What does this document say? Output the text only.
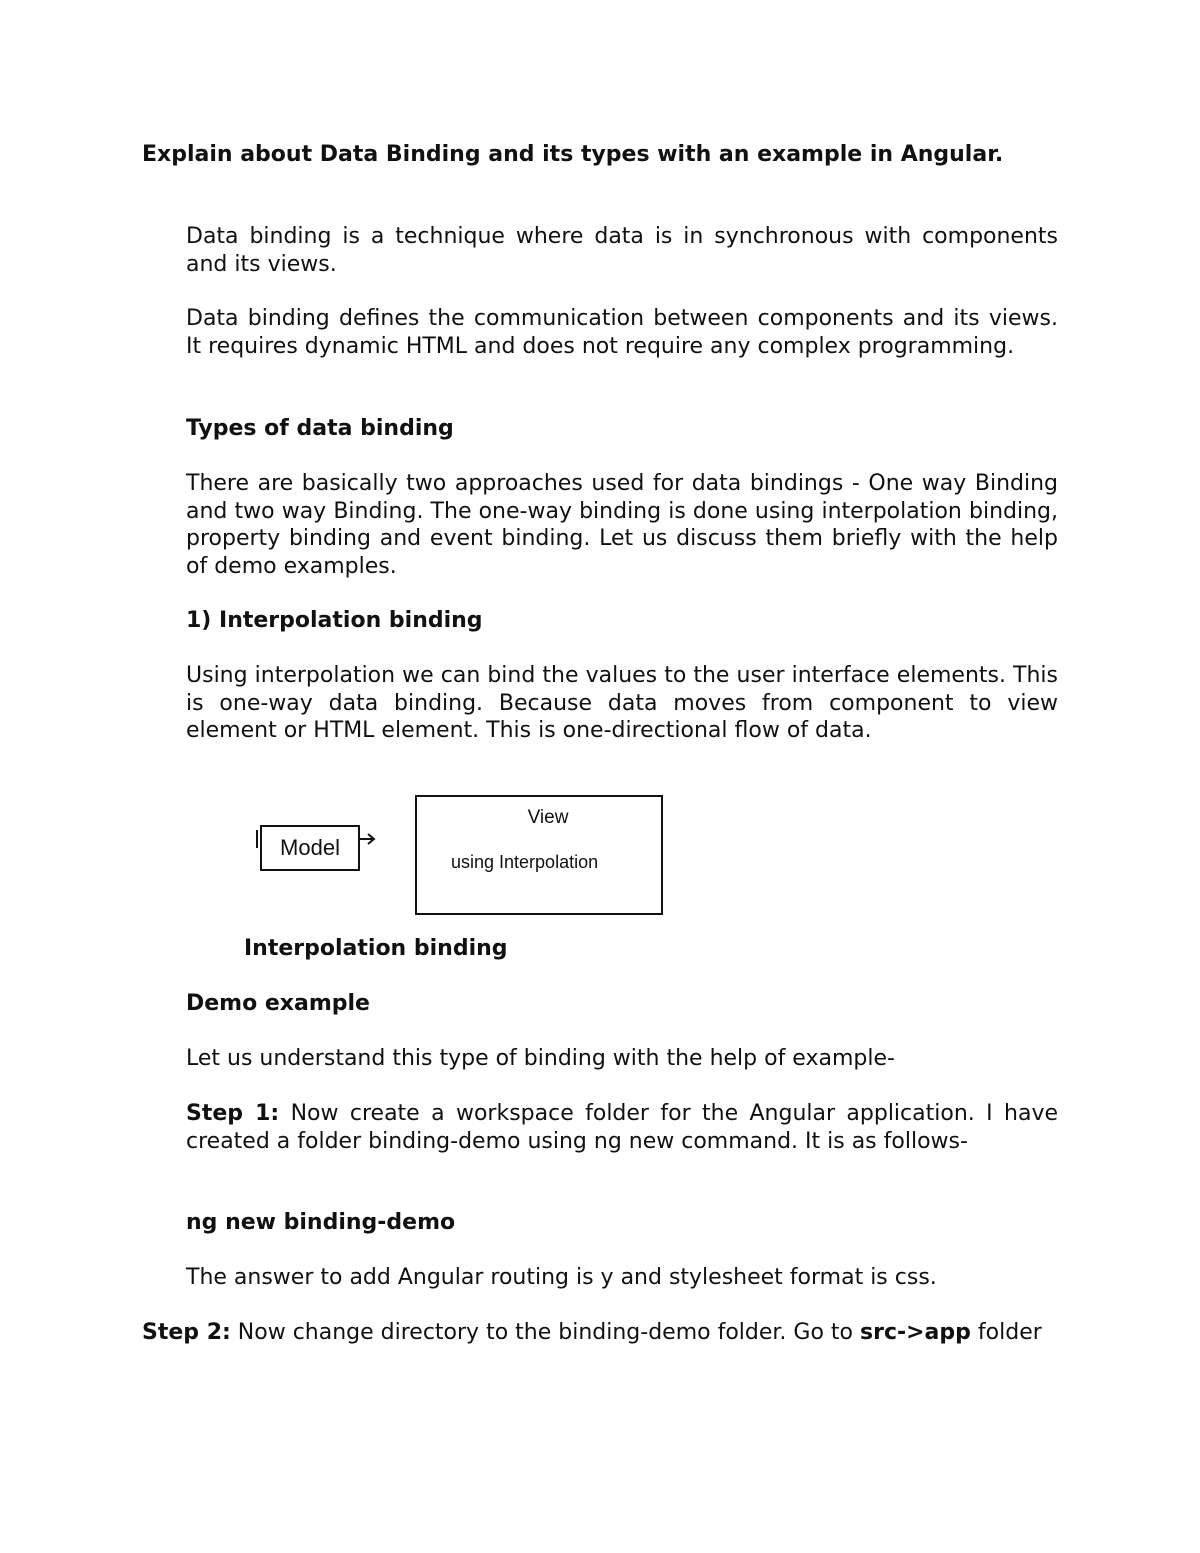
Explain about Data Binding and its types with an example in Angular.

Data binding is a technique where data is in synchronous with components and its views.

Data binding defines the communication between components and its views. It requires dynamic HTML and does not require any complex programming.

Types of data binding

There are basically two approaches used for data bindings - One way Binding and two way Binding. The one-way binding is done using interpolation binding, property binding and event binding. Let us discuss them briefly with the help of demo examples.

1) Interpolation binding

Using interpolation we can bind the values to the user interface elements. This is one-way data binding. Because data moves from component to view element or HTML element. This is one-directional flow of data.

Model
View
using Interpolation

Interpolation binding

Demo example

Let us understand this type of binding with the help of example-

Step 1: Now create a workspace folder for the Angular application. I have created a folder binding-demo using ng new command. It is as follows-

ng new binding-demo

The answer to add Angular routing is y and stylesheet format is css.

Step 2: Now change directory to the binding-demo folder. Go to src->app folder
